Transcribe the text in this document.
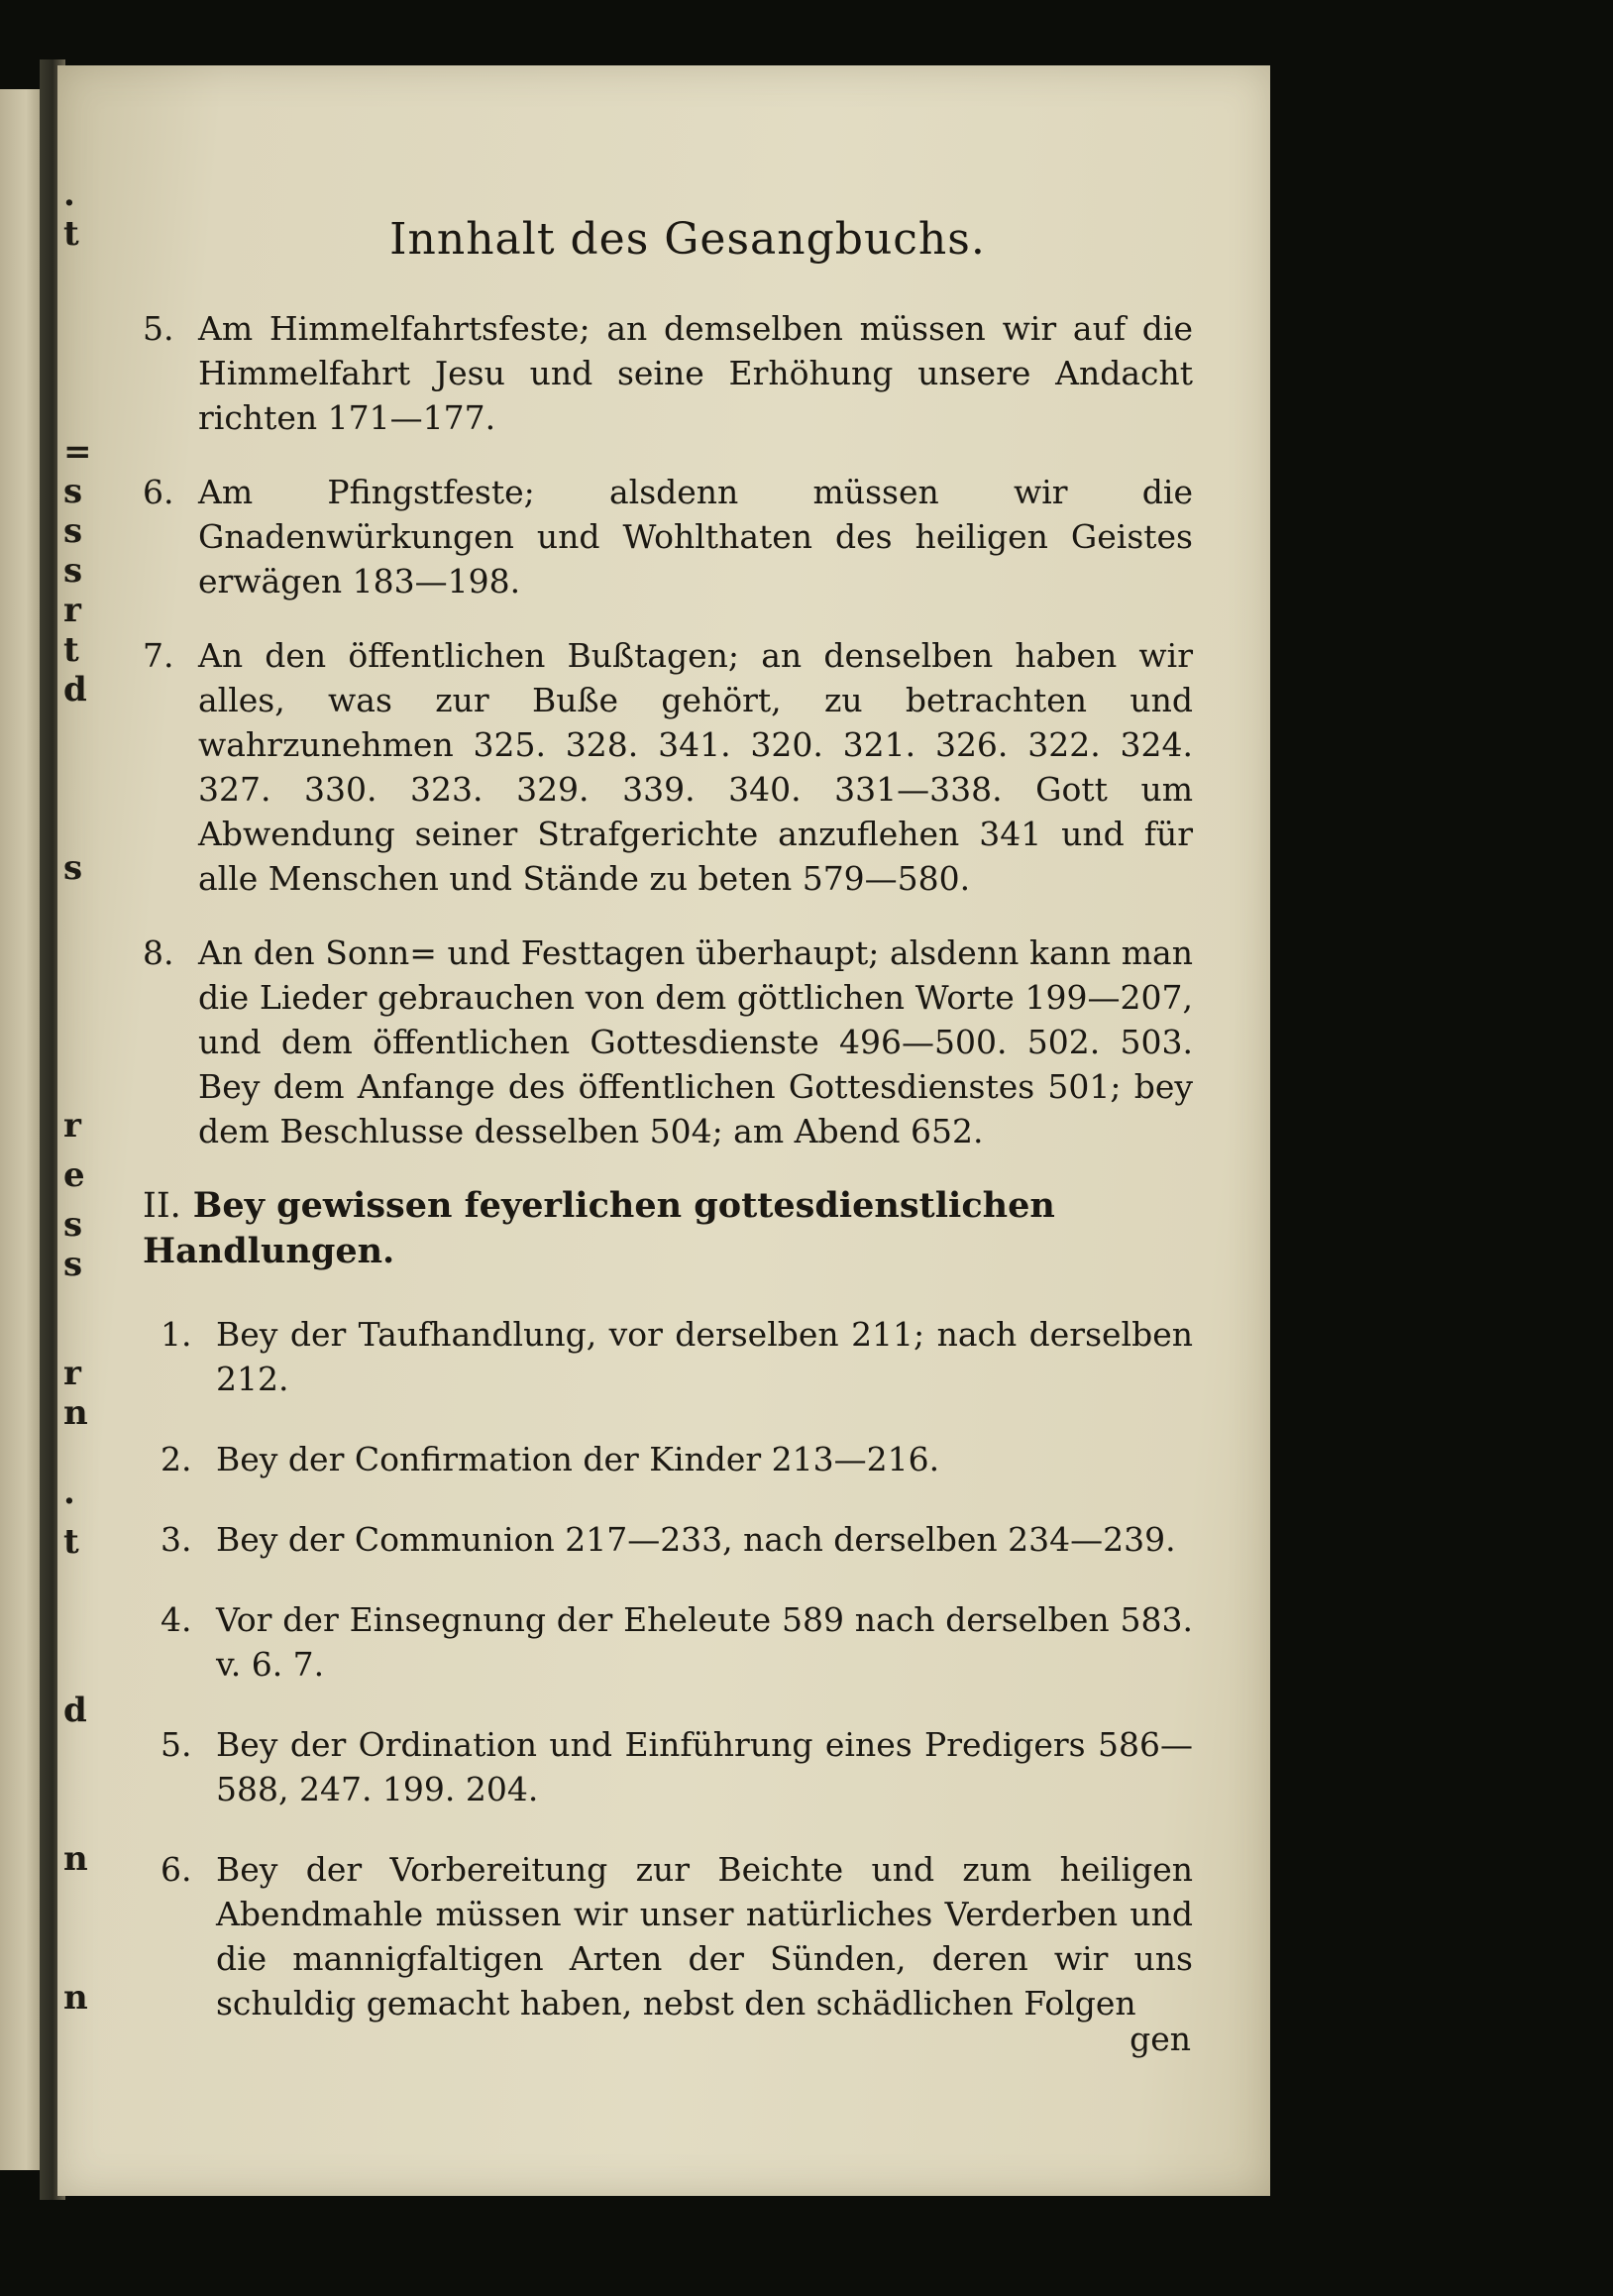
.
t
=
s
s
s
r
t
d
s
r
e
s
s
r
n
.
t
d
n
n
Innhalt des Gesangbuchs.
5. Am Himmelfahrtsfeste; an demselben müssen wir auf die Himmelfahrt Jesu und seine Erhöhung unsere Andacht richten 171—177.
6. Am Pfingstfeste; alsdenn müssen wir die Gnadenwürkungen und Wohlthaten des heiligen Geistes erwägen 183—198.
7. An den öffentlichen Bußtagen; an denselben haben wir alles, was zur Buße gehört, zu betrachten und wahrzunehmen 325. 328. 341. 320. 321. 326. 322. 324. 327. 330. 323. 329. 339. 340. 331—338. Gott um Abwendung seiner Strafgerichte anzuflehen 341 und für alle Menschen und Stände zu beten 579—580.
8. An den Sonn= und Festtagen überhaupt; alsdenn kann man die Lieder gebrauchen von dem göttlichen Worte 199—207, und dem öffentlichen Gottesdienste 496—500. 502. 503. Bey dem Anfange des öffentlichen Gottesdienstes 501; bey dem Beschlusse desselben 504; am Abend 652.
II. Bey gewissen feyerlichen gottesdienstlichen Handlungen.
1. Bey der Taufhandlung, vor derselben 211; nach derselben 212.
2. Bey der Confirmation der Kinder 213—216.
3. Bey der Communion 217—233, nach derselben 234—239.
4. Vor der Einsegnung der Eheleute 589 nach derselben 583. v. 6. 7.
5. Bey der Ordination und Einführung eines Predigers 586—588, 247. 199. 204.
6. Bey der Vorbereitung zur Beichte und zum heiligen Abendmahle müssen wir unser natürliches Verderben und die mannigfaltigen Arten der Sünden, deren wir uns schuldig gemacht haben, nebst den schädlichen Folgen
gen
